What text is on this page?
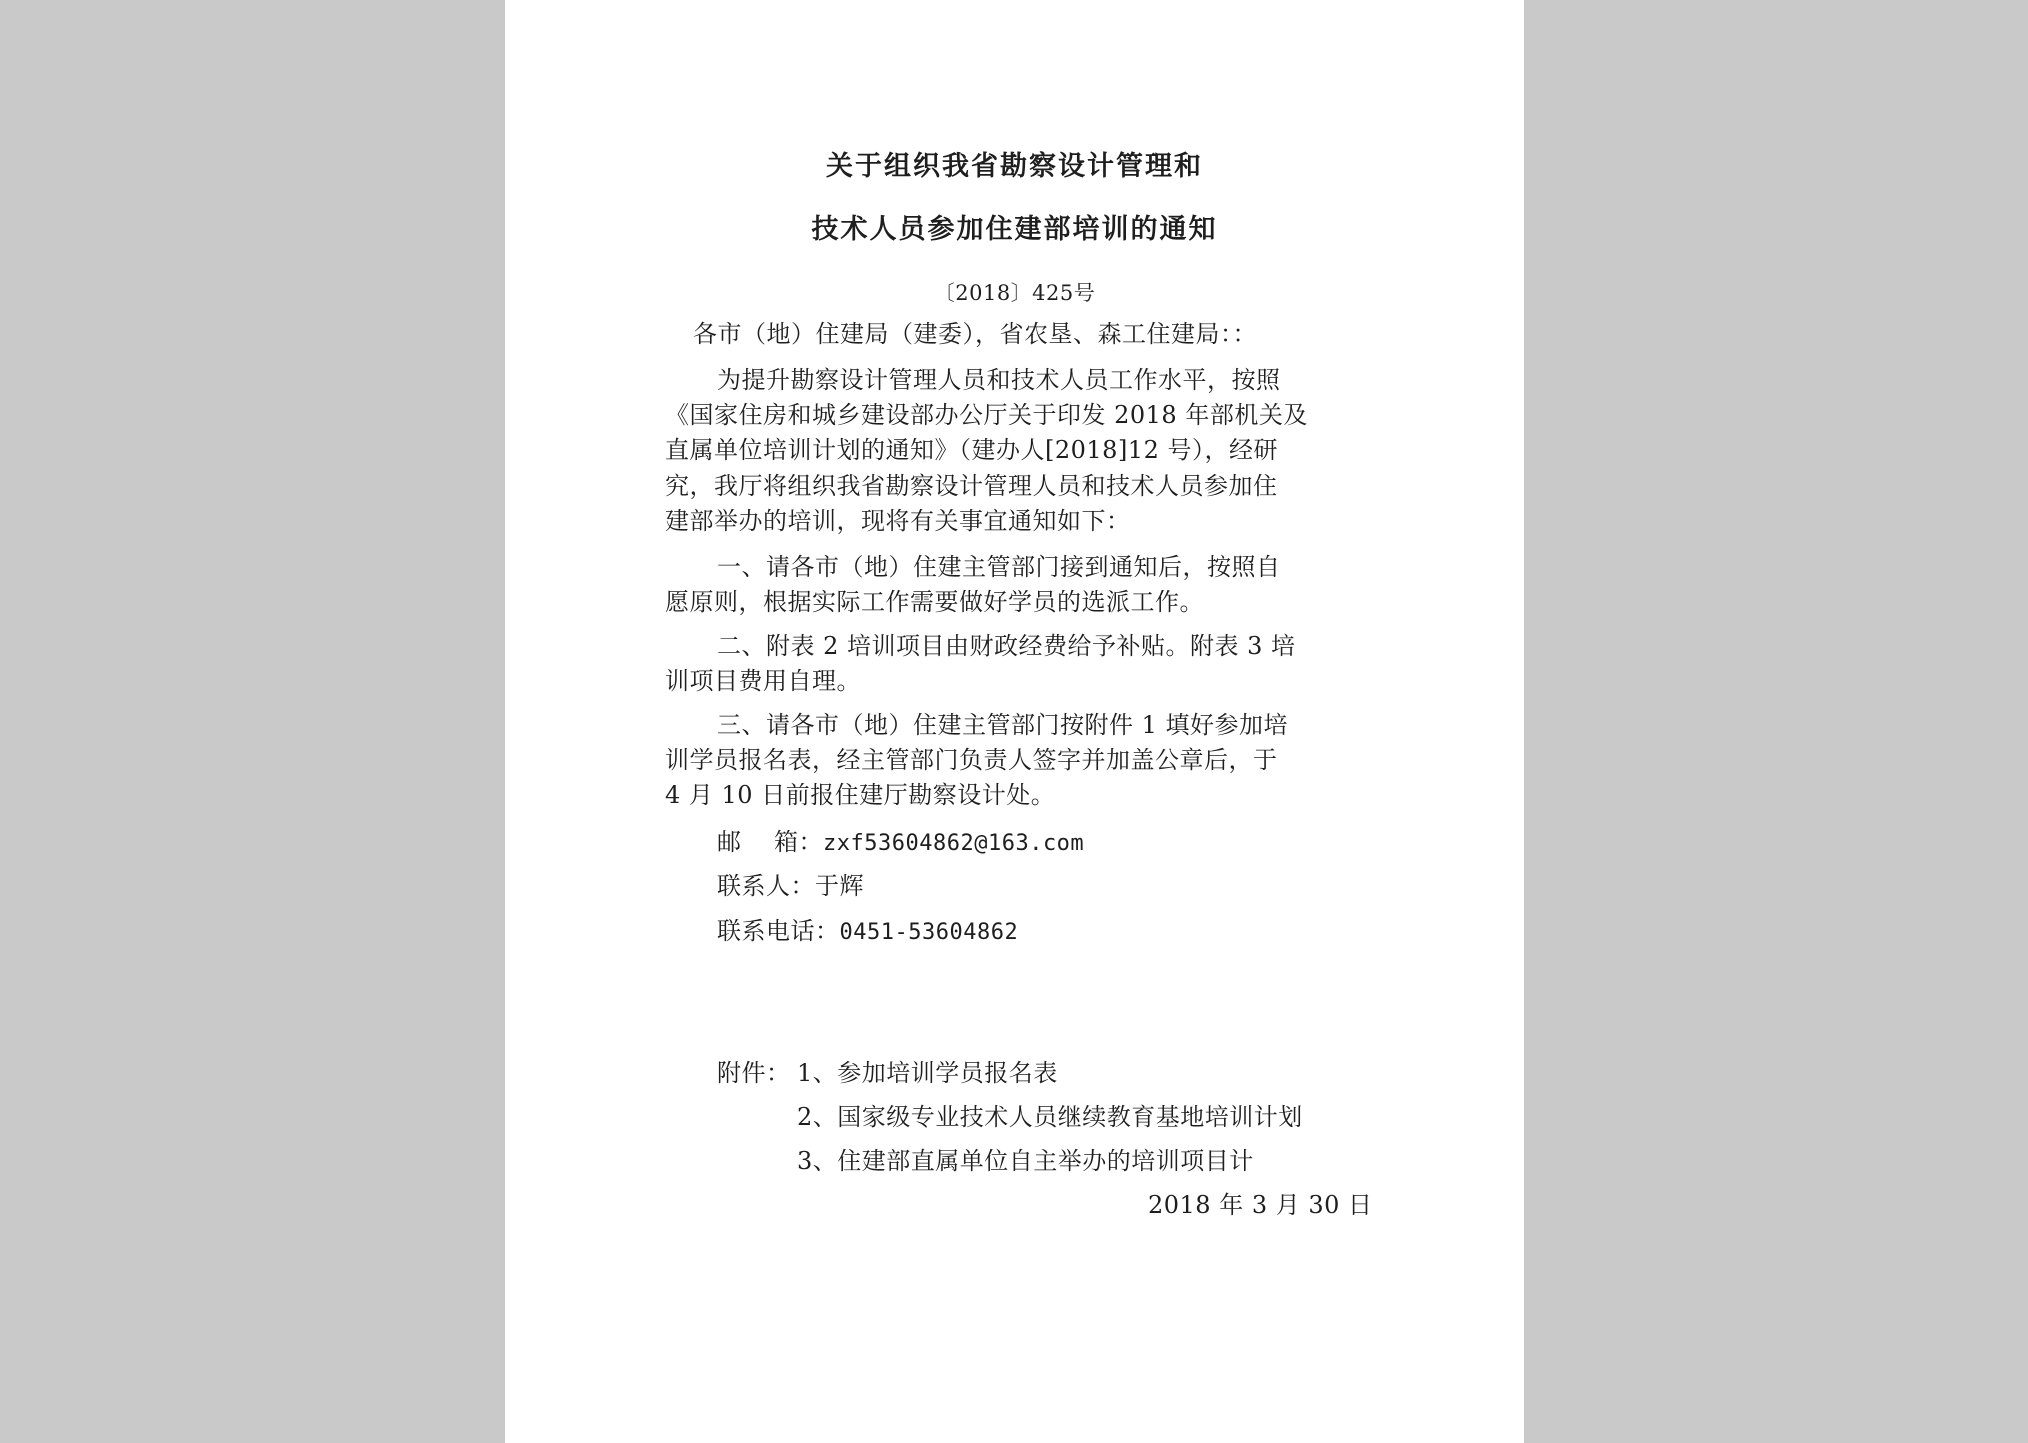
关于组织我省勘察设计管理和
技术人员参加住建部培训的通知
〔2018〕425号
各市（地）住建局（建委），省农垦、森工住建局：：
为提升勘察设计管理人员和技术人员工作水平，按照
《国家住房和城乡建设部办公厅关于印发 2018 年部机关及
直属单位培训计划的通知》（建办人[2018]12 号），经研
究，我厅将组织我省勘察设计管理人员和技术人员参加住
建部举办的培训，现将有关事宜通知如下：
一、请各市（地）住建主管部门接到通知后，按照自
愿原则，根据实际工作需要做好学员的选派工作。
二、附表 2 培训项目由财政经费给予补贴。附表 3 培
训项目费用自理。
三、请各市（地）住建主管部门按附件 1 填好参加培
训学员报名表，经主管部门负责人签字并加盖公章后，于
4 月 10 日前报住建厅勘察设计处。
邮    箱：zxf53604862@163.com
联系人：于辉
联系电话：0451-53604862
附件： 1、参加培训学员报名表
2、国家级专业技术人员继续教育基地培训计划
3、住建部直属单位自主举办的培训项目计
2018 年 3 月 30 日
